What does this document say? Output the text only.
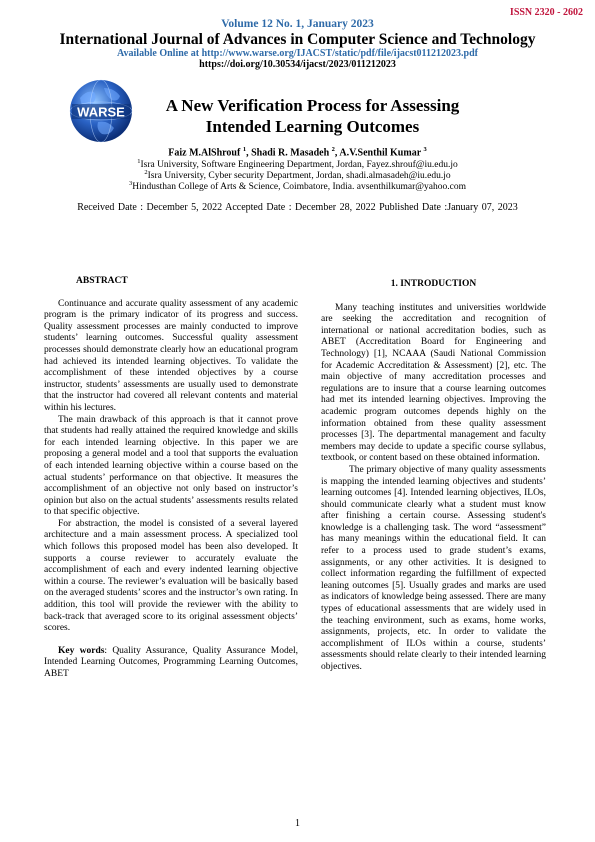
ISSN 2320 - 2602
Volume 12 No. 1, January 2023
International Journal of Advances in Computer Science and Technology
Available Online at http://www.warse.org/IJACST/static/pdf/file/ijacst011212023.pdf
https://doi.org/10.30534/ijacst/2023/011212023
WARSE	A New Verification Process for Assessing
Intended Learning Outcomes
Faiz M.AlShrouf $^1$, Shadi R. Masadeh $^2$, A.V.Senthil Kumar $^3$
$^1$Isra University, Software Engineering Department, Jordan, Fayez.shrouf@iu.edu.jo
$^2$Isra University, Cyber security Department, Jordan, shadi.almasadeh@iu.edu.jo
$^3$Hindusthan College of Arts & Science, Coimbatore, India. avsenthilkumar@yahoo.com
Received Date : December 5, 2022 Accepted Date : December 28, 2022 Published Date :January 07, 2023
ABSTRACT

Continuance and accurate quality assessment of any academic program is the primary indicator of its progress and success. Quality assessment processes are mainly conducted to improve students’ learning outcomes. Successful quality assessment processes should demonstrate clearly how an educational program had achieved its intended learning objectives. To validate the accomplishment of these intended objectives by a course instructor, students’ assessments are usually used to demonstrate that the instructor had covered all relevant contents and material within his lectures.

The main drawback of this approach is that it cannot prove that students had really attained the required knowledge and skills for each intended learning objective. In this paper we are proposing a general model and a tool that supports the evaluation of each intended learning objective within a course based on the actual students’ performance on that objective. It measures the accomplishment of an objective not only based on instructor’s opinion but also on the actual students’ assessments results related to that specific objective.

For abstraction, the model is consisted of a several layered architecture and a main assessment process. A specialized tool which follows this proposed model has been also developed. It supports a course reviewer to accurately evaluate the accomplishment of each and every indented learning objective within a course. The reviewer’s evaluation will be basically based on the averaged students’ scores and the instructor’s own rating. In addition, this tool will provide the reviewer with the ability to back-track that averaged score to its original assessment objects’ scores.

Key words: Quality Assurance, Quality Assurance Model, Intended Learning Outcomes, Programming Learning Outcomes, ABET

1. INTRODUCTION

Many teaching institutes and universities worldwide are seeking the accreditation and recognition of international or national accreditation bodies, such as ABET (Accreditation Board for Engineering and Technology) [1], NCAAA (Saudi National Commission for Academic Accreditation & Assessment) [2], etc. The main objective of many accreditation processes and regulations are to insure that a course learning outcomes had met its intended learning objectives. Improving the academic program outcomes depends highly on the information obtained from these quality assessment processes [3]. The departmental management and faculty members may decide to update a specific course syllabus, textbook, or content based on these obtained information.

The primary objective of many quality assessments is mapping the intended learning objectives and students’ learning outcomes [4]. Intended learning objectives, ILOs, should communicate clearly what a student must know after finishing a certain course. Assessing student's knowledge is a challenging task. The word “assessment” has many meanings within the educational field. It can refer to a process used to grade student’s exams, assignments, or any other activities. It is designed to collect information regarding the fulfillment of expected leaning outcomes [5]. Usually grades and marks are used as indicators of knowledge being assessed. There are many types of educational assessments that are widely used in the teaching environment, such as exams, home works, assignments, projects, etc. In order to validate the accomplishment of ILOs within a course, students’ assessments should relate clearly to their intended learning objectives.

1
